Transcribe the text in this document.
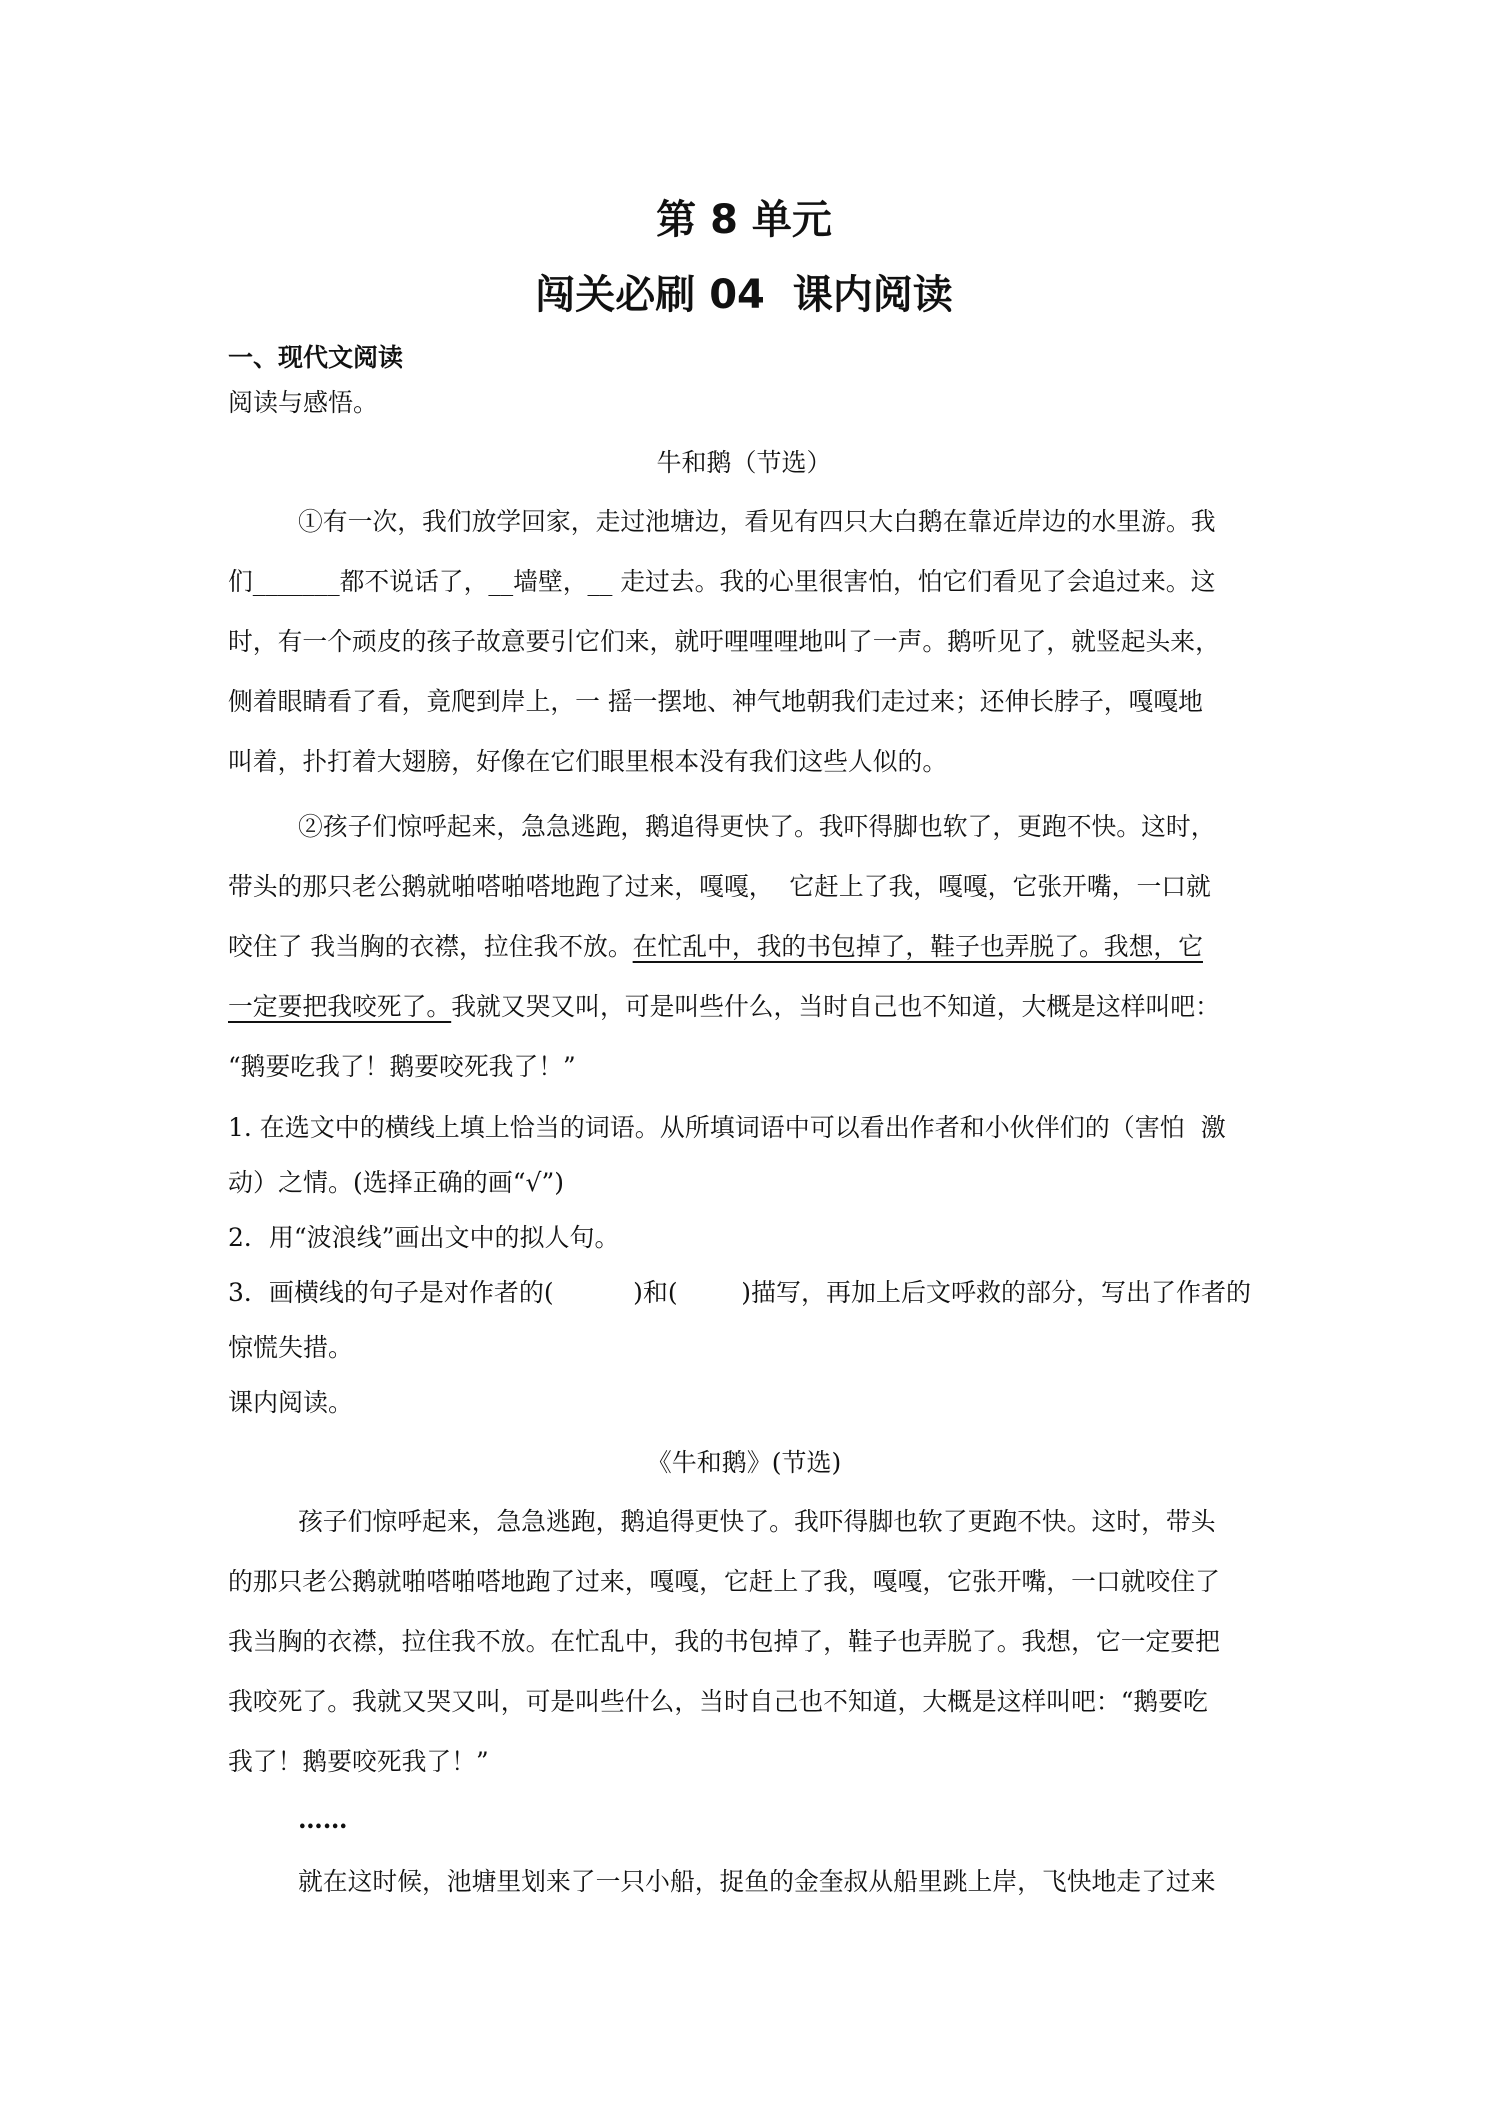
第 8 单元
闯关必刷 04  课内阅读
一、现代文阅读
阅读与感悟。
牛和鹅（节选）
①有一次，我们放学回家，走过池塘边，看见有四只大白鹅在靠近岸边的水里游。我
们_______都不说话了，__墙壁，__ 走过去。我的心里很害怕，怕它们看见了会追过来。这
时，有一个顽皮的孩子故意要引它们来，就吁哩哩哩地叫了一声。鹅听见了，就竖起头来，
侧着眼睛看了看，竟爬到岸上，一 摇一摆地、神气地朝我们走过来；还伸长脖子，嘎嘎地
叫着，扑打着大翅膀，好像在它们眼里根本没有我们这些人似的。
②孩子们惊呼起来，急急逃跑，鹅追得更快了。我吓得脚也软了，更跑不快。这时，
带头的那只老公鹅就啪嗒啪嗒地跑了过来，嘎嘎，  它赶上了我，嘎嘎，它张开嘴，一口就
咬住了 我当胸的衣襟，拉住我不放。在忙乱中，我的书包掉了，鞋子也弄脱了。我想，它
一定要把我咬死了。我就又哭又叫，可是叫些什么，当时自己也不知道，大概是这样叫吧：
“鹅要吃我了！鹅要咬死我了！”
1. 在选文中的横线上填上恰当的词语。从所填词语中可以看出作者和小伙伴们的（害怕  激
动）之情。(选择正确的画“√”)
2．用“波浪线”画出文中的拟人句。
3．画横线的句子是对作者的(          )和(        )描写，再加上后文呼救的部分，写出了作者的
惊慌失措。
课内阅读。
《牛和鹅》(节选)
孩子们惊呼起来，急急逃跑，鹅追得更快了。我吓得脚也软了更跑不快。这时，带头
的那只老公鹅就啪嗒啪嗒地跑了过来，嘎嘎，它赶上了我，嘎嘎，它张开嘴，一口就咬住了
我当胸的衣襟，拉住我不放。在忙乱中，我的书包掉了，鞋子也弄脱了。我想，它一定要把
我咬死了。我就又哭又叫，可是叫些什么，当时自己也不知道，大概是这样叫吧：“鹅要吃
我了！鹅要咬死我了！”
……
就在这时候，池塘里划来了一只小船，捉鱼的金奎叔从船里跳上岸，飞快地走了过来
